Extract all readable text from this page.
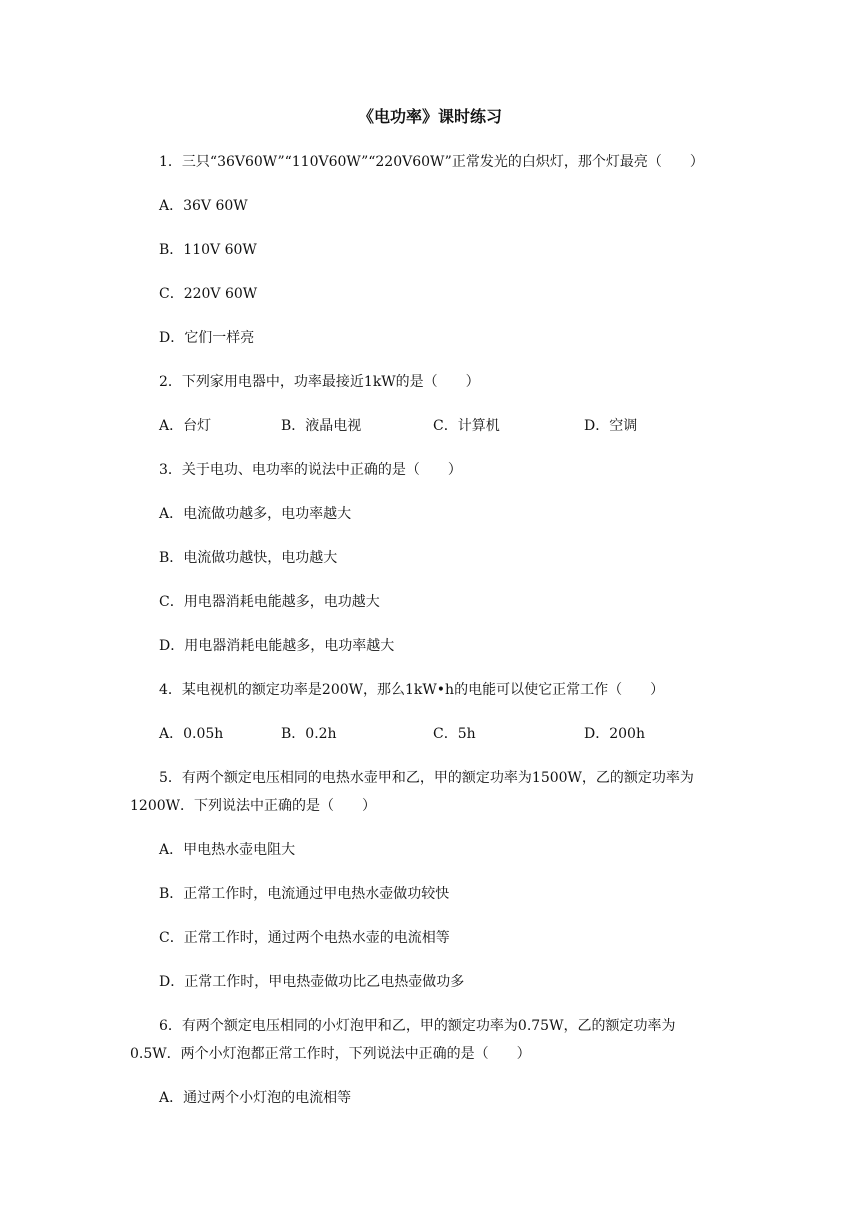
《电功率》课时练习
1．三只“36V60W”“110V60W”“220V60W”正常发光的白炽灯，那个灯最亮（　　）
A．36V 60W
B．110V 60W
C．220V 60W
D．它们一样亮
2．下列家用电器中，功率最接近1kW的是（　　）
A．台灯	B．液晶电视	C．计算机	D．空调
3．关于电功、电功率的说法中正确的是（　　）
A．电流做功越多，电功率越大
B．电流做功越快，电功越大
C．用电器消耗电能越多，电功越大
D．用电器消耗电能越多，电功率越大
4．某电视机的额定功率是200W，那么1kW•h的电能可以使它正常工作（　　）
A．0.05h	B．0.2h	C．5h	D．200h
5．有两个额定电压相同的电热水壶甲和乙，甲的额定功率为1500W，乙的额定功率为
1200W．下列说法中正确的是（　　）
A．甲电热水壶电阻大
B．正常工作时，电流通过甲电热水壶做功较快
C．正常工作时，通过两个电热水壶的电流相等
D．正常工作时，甲电热壶做功比乙电热壶做功多
6．有两个额定电压相同的小灯泡甲和乙，甲的额定功率为0.75W，乙的额定功率为
0.5W．两个小灯泡都正常工作时，下列说法中正确的是（　　）
A．通过两个小灯泡的电流相等
